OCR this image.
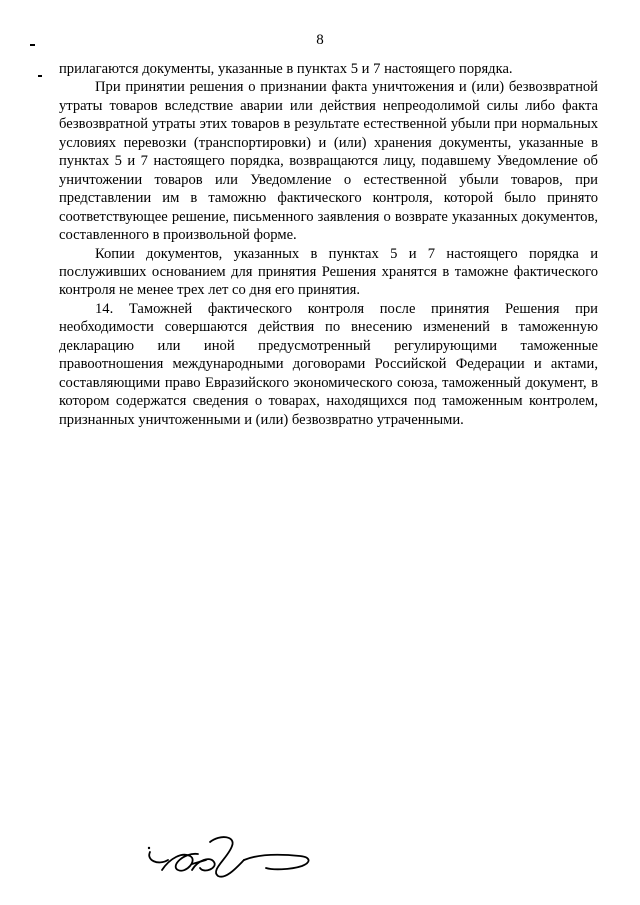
8

прилагаются документы, указанные в пунктах 5 и 7 настоящего порядка.

При принятии решения о признании факта уничтожения и (или) безвозвратной утраты товаров вследствие аварии или действия непреодолимой силы либо факта безвозвратной утраты этих товаров в результате естественной убыли при нормальных условиях перевозки (транспортировки) и (или) хранения документы, указанные в пунктах 5 и 7 настоящего порядка, возвращаются лицу, подавшему Уведомление об уничтожении товаров или Уведомление о естественной убыли товаров, при представлении им в таможню фактического контроля, которой было принято соответствующее решение, письменного заявления о возврате указанных документов, составленного в произвольной форме.

Копии документов, указанных в пунктах 5 и 7 настоящего порядка и послуживших основанием для принятия Решения хранятся в таможне фактического контроля не менее трех лет со дня его принятия.

14. Таможней фактического контроля после принятия Решения при необходимости совершаются действия по внесению изменений в таможенную декларацию или иной предусмотренный регулирующими таможенные правоотношения международными договорами Российской Федерации и актами, составляющими право Евразийского экономического союза, таможенный документ, в котором содержатся сведения о товарах, находящихся под таможенным контролем, признанных уничтоженными и (или) безвозвратно утраченными.
